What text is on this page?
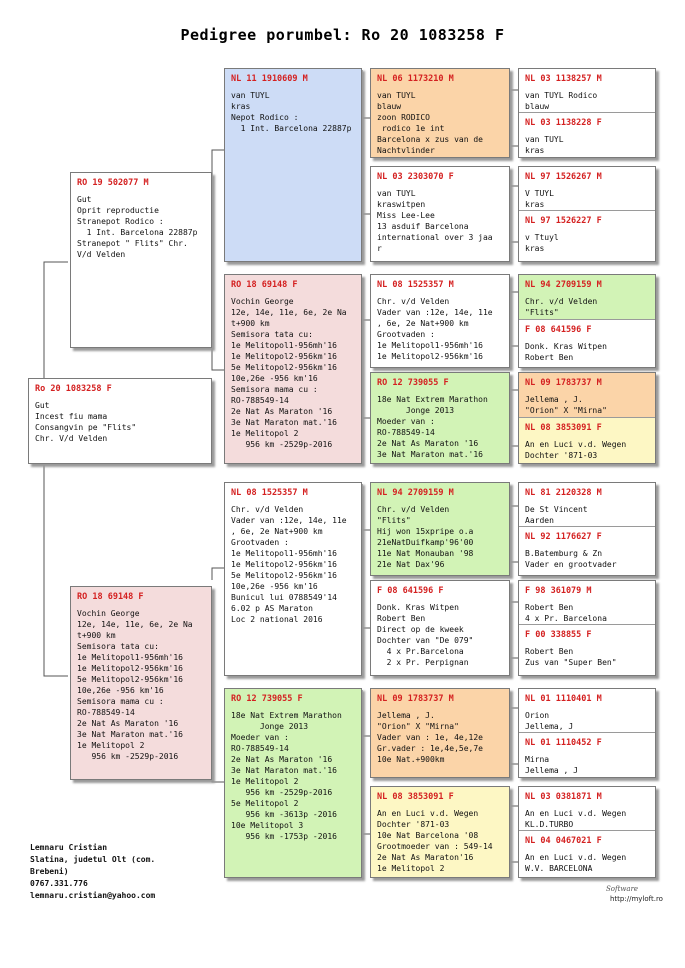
Pedigree porumbel: Ro 20 1083258 F
Ro 20 1083258 F
Gut
Incest fiu mama
Consangvin pe "Flits"
Chr. V/d Velden
RO 19 502077 M
Gut
Oprit reproductie
Stranepot Rodico :
1 Int. Barcelona 22887p
Stranepot " Flits" Chr.
V/d Velden
RO 18 69148 F
Vochin George
12e, 14e, 11e, 6e, 2e Na
t+900 km
Semisora tata cu:
1e Melitopol1-956mh'16
1e Melitopol2-956km'16
5e Melitopol2-956km'16
10e,26e -956 km'16
Semisora mama cu :
RO-788549-14
2e Nat As Maraton '16
3e Nat Maraton mat.'16
1e Melitopol 2
956 km -2529p-2016
NL 11 1910609 M
van TUYL
kras
Nepot Rodico :
1 Int. Barcelona 22887p
RO 18 69148 F
Vochin George
12e, 14e, 11e, 6e, 2e Na
t+900 km
Semisora tata cu:
1e Melitopol1-956mh'16
1e Melitopol2-956km'16
5e Melitopol2-956km'16
10e,26e -956 km'16
Semisora mama cu :
RO-788549-14
2e Nat As Maraton '16
3e Nat Maraton mat.'16
1e Melitopol 2
956 km -2529p-2016
NL 08 1525357 M
Chr. v/d Velden
Vader van :12e, 14e, 11e
, 6e, 2e Nat+900 km
Grootvaden :
1e Melitopol1-956mh'16
1e Melitopol2-956km'16
5e Melitopol2-956km'16
10e,26e -956 km'16
Bunicul lui 0788549'14
6.02 p AS Maraton
Loc 2 national 2016
RO 12 739055 F
18e Nat Extrem Marathon
Jonge 2013
Moeder van :
RO-788549-14
2e Nat As Maraton '16
3e Nat Maraton mat.'16
1e Melitopol 2
956 km -2529p-2016
5e Melitopol 2
956 km -3613p -2016
10e Melitopol 3
956 km -1753p -2016
NL 06 1173210 M
van TUYL
blauw
zoon RODICO
rodico 1e int
Barcelona x zus van de
Nachtvlinder
NL 03 2303070 F
van TUYL
kraswitpen
Miss Lee-Lee
13 asduif Barcelona
international over 3 jaa
r
NL 08 1525357 M
Chr. v/d Velden
Vader van :12e, 14e, 11e
, 6e, 2e Nat+900 km
Grootvaden :
1e Melitopol1-956mh'16
1e Melitopol2-956km'16
RO 12 739055 F
18e Nat Extrem Marathon
Jonge 2013
Moeder van :
RO-788549-14
2e Nat As Maraton '16
3e Nat Maraton mat.'16
NL 94 2709159 M
Chr. v/d Velden
"Flits"
Hij won 15xpripe o.a
21eNatDuifkamp'96'00
11e Nat Monauban '98
21e Nat Dax'96
F 08 641596 F
Donk. Kras Witpen
Robert Ben
Direct op de kweek
Dochter van "De 079"
4 x Pr.Barcelona
2 x Pr. Perpignan
NL 09 1783737 M
Jellema , J.
"Orion" X "Mirna"
Vader van : 1e, 4e,12e
Gr.vader : 1e,4e,5e,7e
10e Nat.+900km
NL 08 3853091 F
An en Luci v.d. Wegen
Dochter '871-03
10e Nat Barcelona '08
Grootmoeder van : 549-14
2e Nat As Maraton'16
1e Melitopol 2
NL 03 1138257 M
van TUYL Rodico
blauw
NL 03 1138228 F
van TUYL
kras
NL 97 1526267 M
V TUYL
kras
NL 97 1526227 F
v Ttuyl
kras
NL 94 2709159 M
Chr. v/d Velden
"Flits"
F 08 641596 F
Donk. Kras Witpen
Robert Ben
NL 09 1783737 M
Jellema , J.
"Orion" X "Mirna"
NL 08 3853091 F
An en Luci v.d. Wegen
Dochter '871-03
NL 81 2120328 M
De St Vincent
Aarden
NL 92 1176627 F
B.Batemburg & Zn
Vader en grootvader
F 98 361079 M
Robert Ben
4 x Pr. Barcelona
F 00 338855 F
Robert Ben
Zus van "Super Ben"
NL 01 1110401 M
Orion
Jellema, J
NL 01 1110452 F
Mirna
Jellema , J
NL 03 0381871 M
An en Luci v.d. Wegen
KL.D.TURBO
NL 04 0467021 F
An en Luci v.d. Wegen
W.V. BARCELONA
Lemnaru Cristian
Slatina, judetul Olt (com.
Brebeni)
0767.331.776
lemnaru.cristian@yahoo.com
Software
http://myloft.ro
